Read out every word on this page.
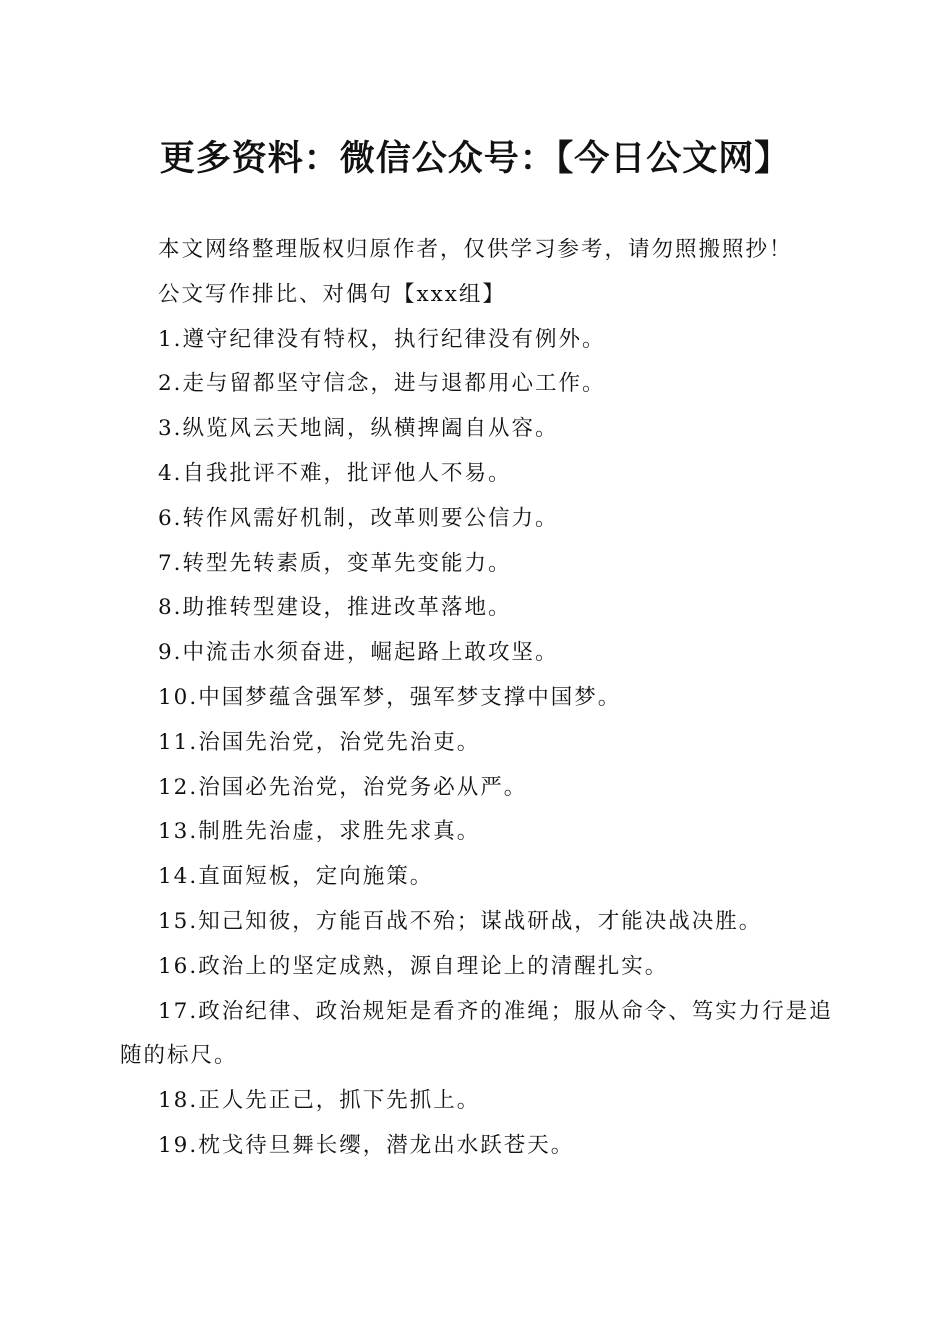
更多资料：微信公众号：【今日公文网】

本文网络整理版权归原作者，仅供学习参考，请勿照搬照抄！

公文写作排比、对偶句【xxx组】

1.遵守纪律没有特权，执行纪律没有例外。

2.走与留都坚守信念，进与退都用心工作。

3.纵览风云天地阔，纵横捭阖自从容。

4.自我批评不难，批评他人不易。

6.转作风需好机制，改革则要公信力。

7.转型先转素质，变革先变能力。

8.助推转型建设，推进改革落地。

9.中流击水须奋进，崛起路上敢攻坚。

10.中国梦蕴含强军梦，强军梦支撑中国梦。

11.治国先治党，治党先治吏。

12.治国必先治党，治党务必从严。

13.制胜先治虚，求胜先求真。

14.直面短板，定向施策。

15.知己知彼，方能百战不殆；谋战研战，才能决战决胜。

16.政治上的坚定成熟，源自理论上的清醒扎实。

17.政治纪律、政治规矩是看齐的准绳；服从命令、笃实力行是追随的标尺。

18.正人先正己，抓下先抓上。

19.枕戈待旦舞长缨，潜龙出水跃苍天。
